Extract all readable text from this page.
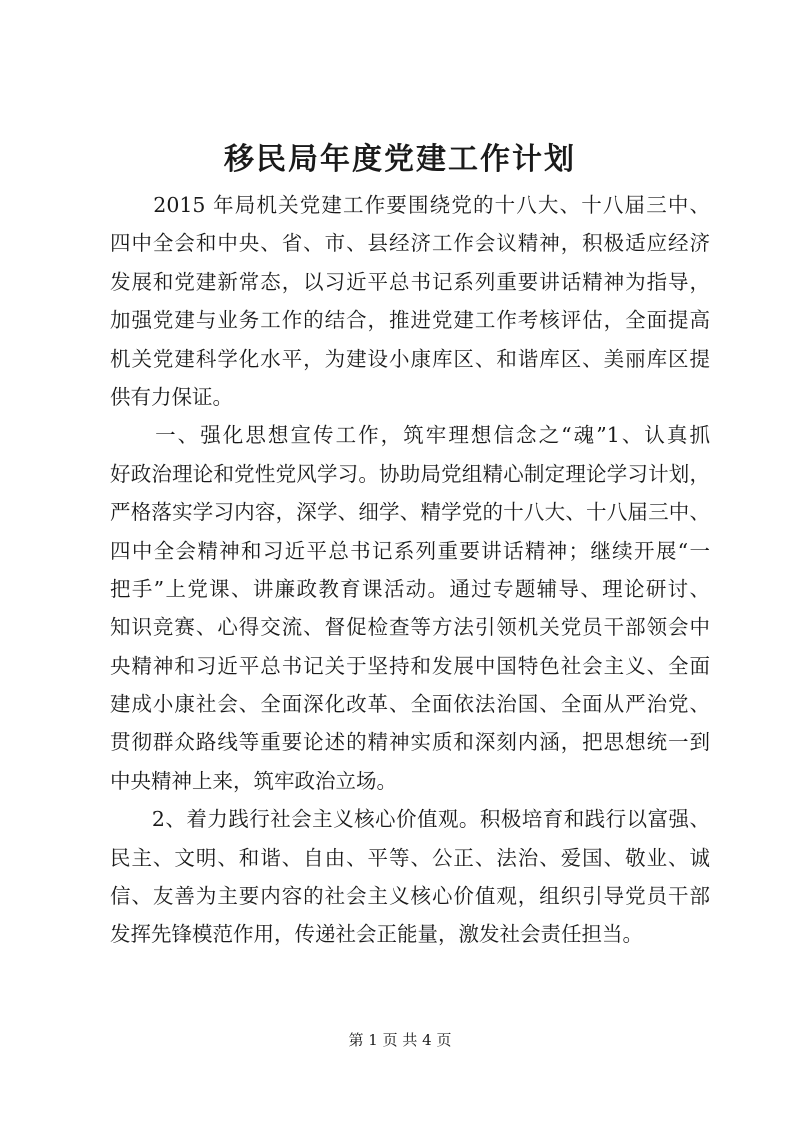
移民局年度党建工作计划
　　2015 年局机关党建工作要围绕党的十八大、十八届三中、
四中全会和中央、省、市、县经济工作会议精神，积极适应经济
发展和党建新常态，以习近平总书记系列重要讲话精神为指导，
加强党建与业务工作的结合，推进党建工作考核评估，全面提高
机关党建科学化水平，为建设小康库区、和谐库区、美丽库区提
供有力保证。
　　一、强化思想宣传工作，筑牢理想信念之“魂”1、认真抓
好政治理论和党性党风学习。协助局党组精心制定理论学习计划，
严格落实学习内容，深学、细学、精学党的十八大、十八届三中、
四中全会精神和习近平总书记系列重要讲话精神；继续开展“一
把手”上党课、讲廉政教育课活动。通过专题辅导、理论研讨、
知识竞赛、心得交流、督促检查等方法引领机关党员干部领会中
央精神和习近平总书记关于坚持和发展中国特色社会主义、全面
建成小康社会、全面深化改革、全面依法治国、全面从严治党、
贯彻群众路线等重要论述的精神实质和深刻内涵，把思想统一到
中央精神上来，筑牢政治立场。
　　2、着力践行社会主义核心价值观。积极培育和践行以富强、
民主、文明、和谐、自由、平等、公正、法治、爱国、敬业、诚
信、友善为主要内容的社会主义核心价值观，组织引导党员干部
发挥先锋模范作用，传递社会正能量，激发社会责任担当。
第 1 页 共 4 页
